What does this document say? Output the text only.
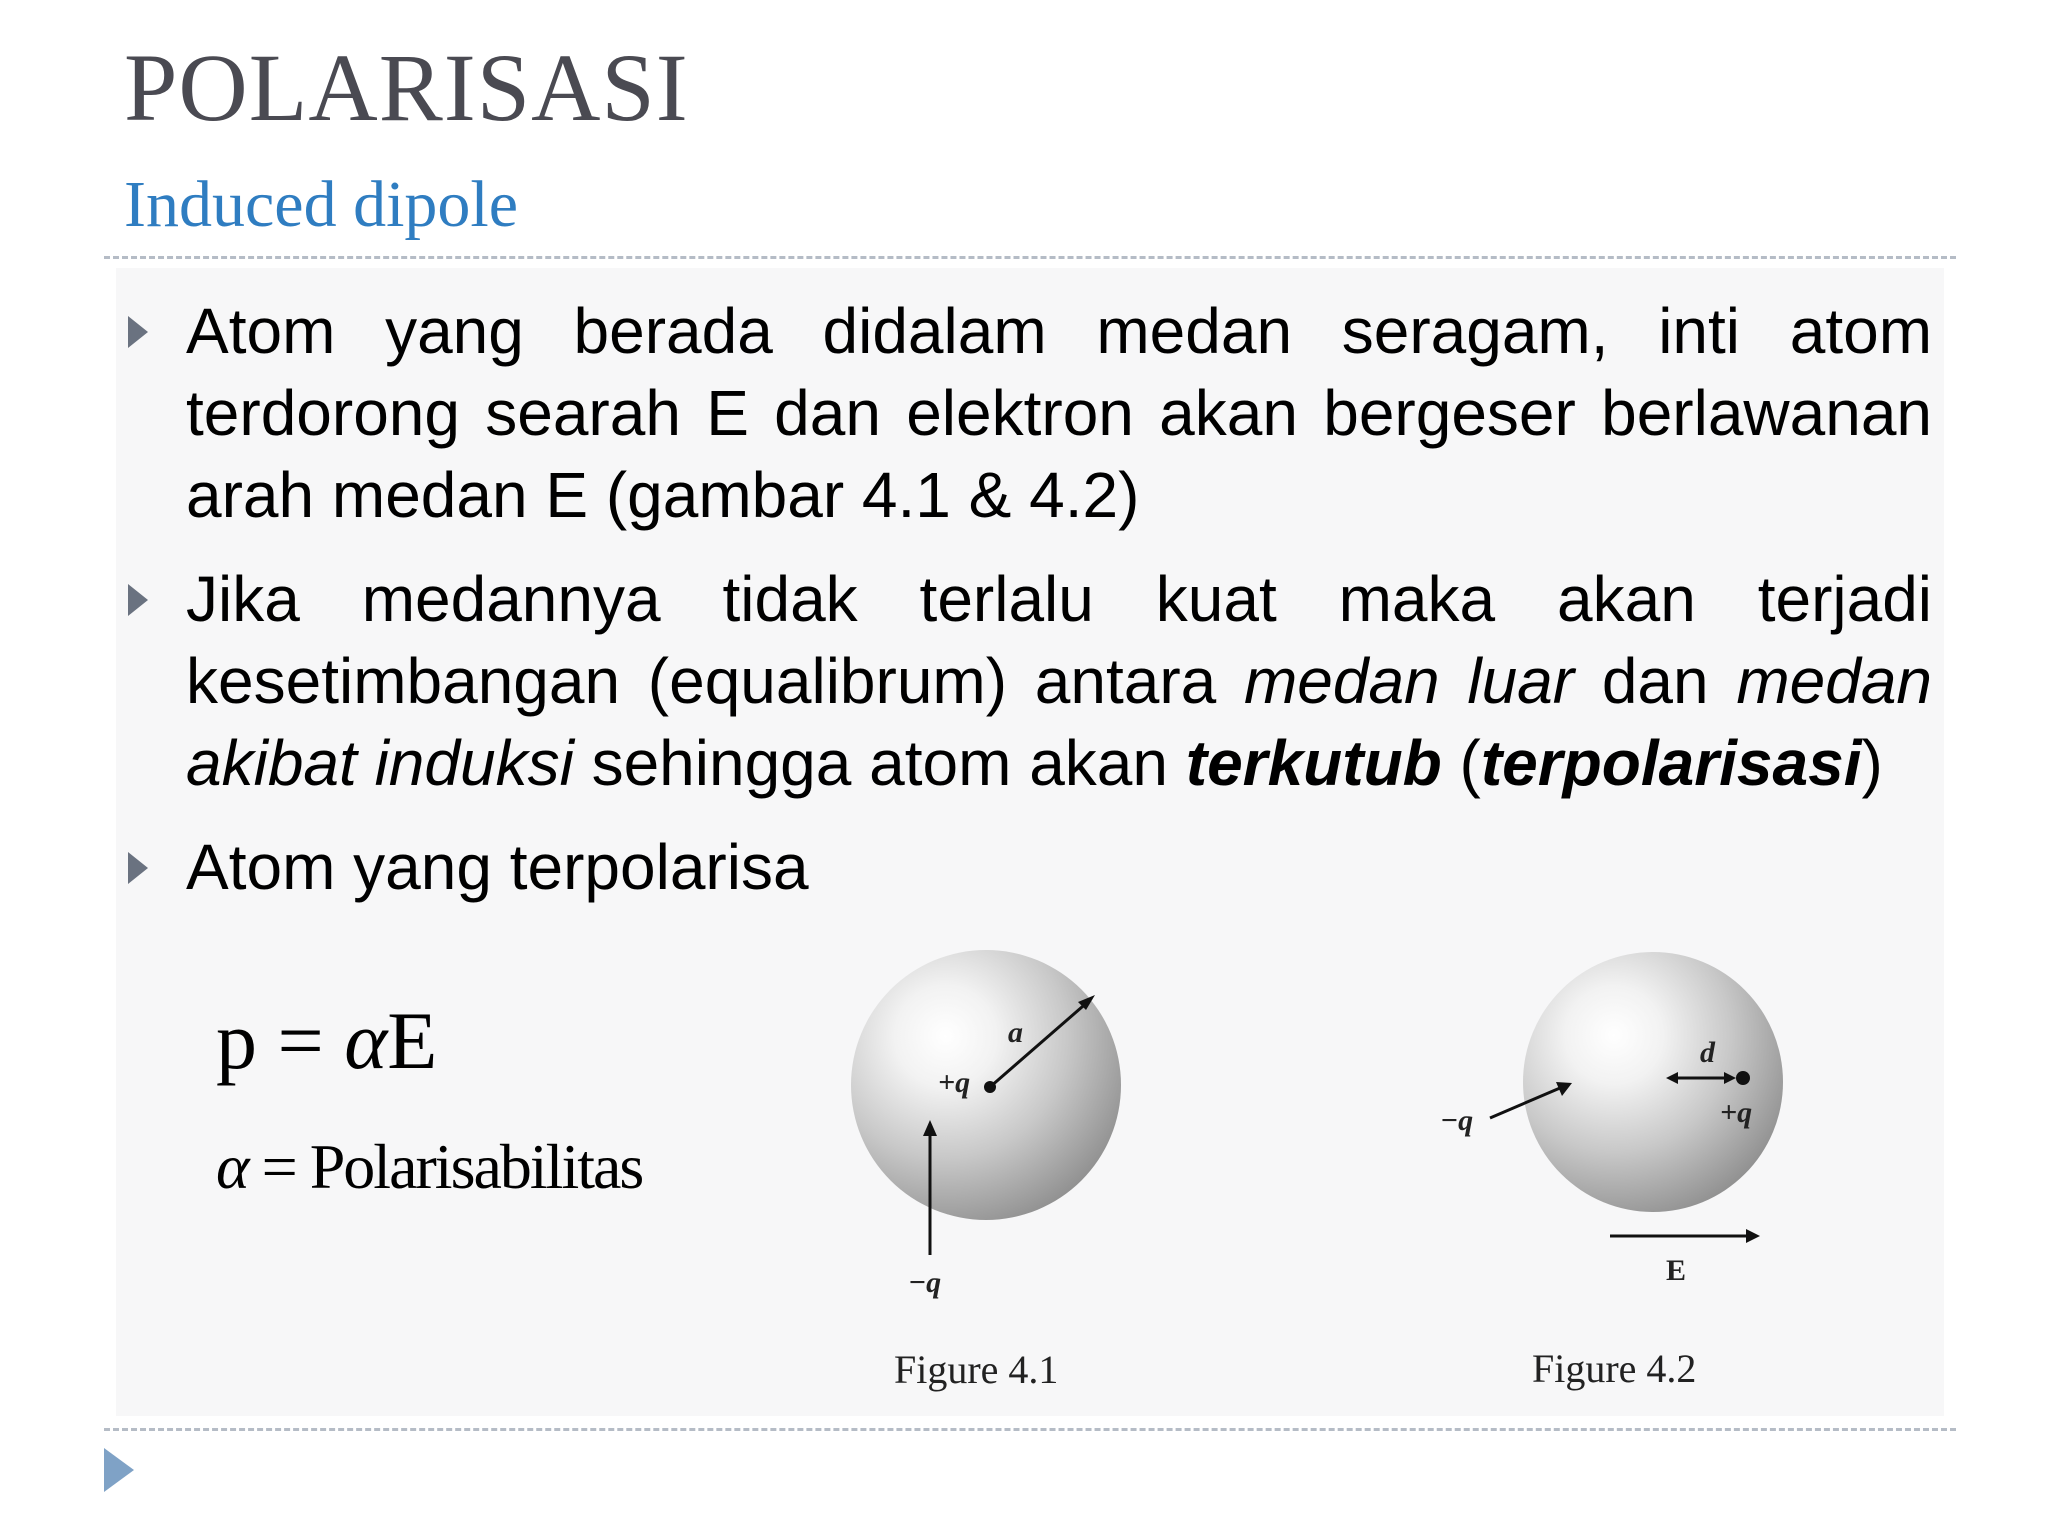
POLARISASI
Induced dipole
Atom yang berada didalam medan seragam, inti atom terdorong searah E dan elektron akan bergeser berlawanan arah medan E (gambar 4.1 & 4.2)
Jika medannya tidak terlalu kuat maka akan terjadi kesetimbangan (equalibrum) antara medan luar dan medan akibat induksi sehingga atom akan terkutub (terpolarisasi)
Atom yang terpolarisa
p = αE
α = Polarisabilitas
a
+q
−q
Figure 4.1
d
+q
−q
E
Figure 4.2
